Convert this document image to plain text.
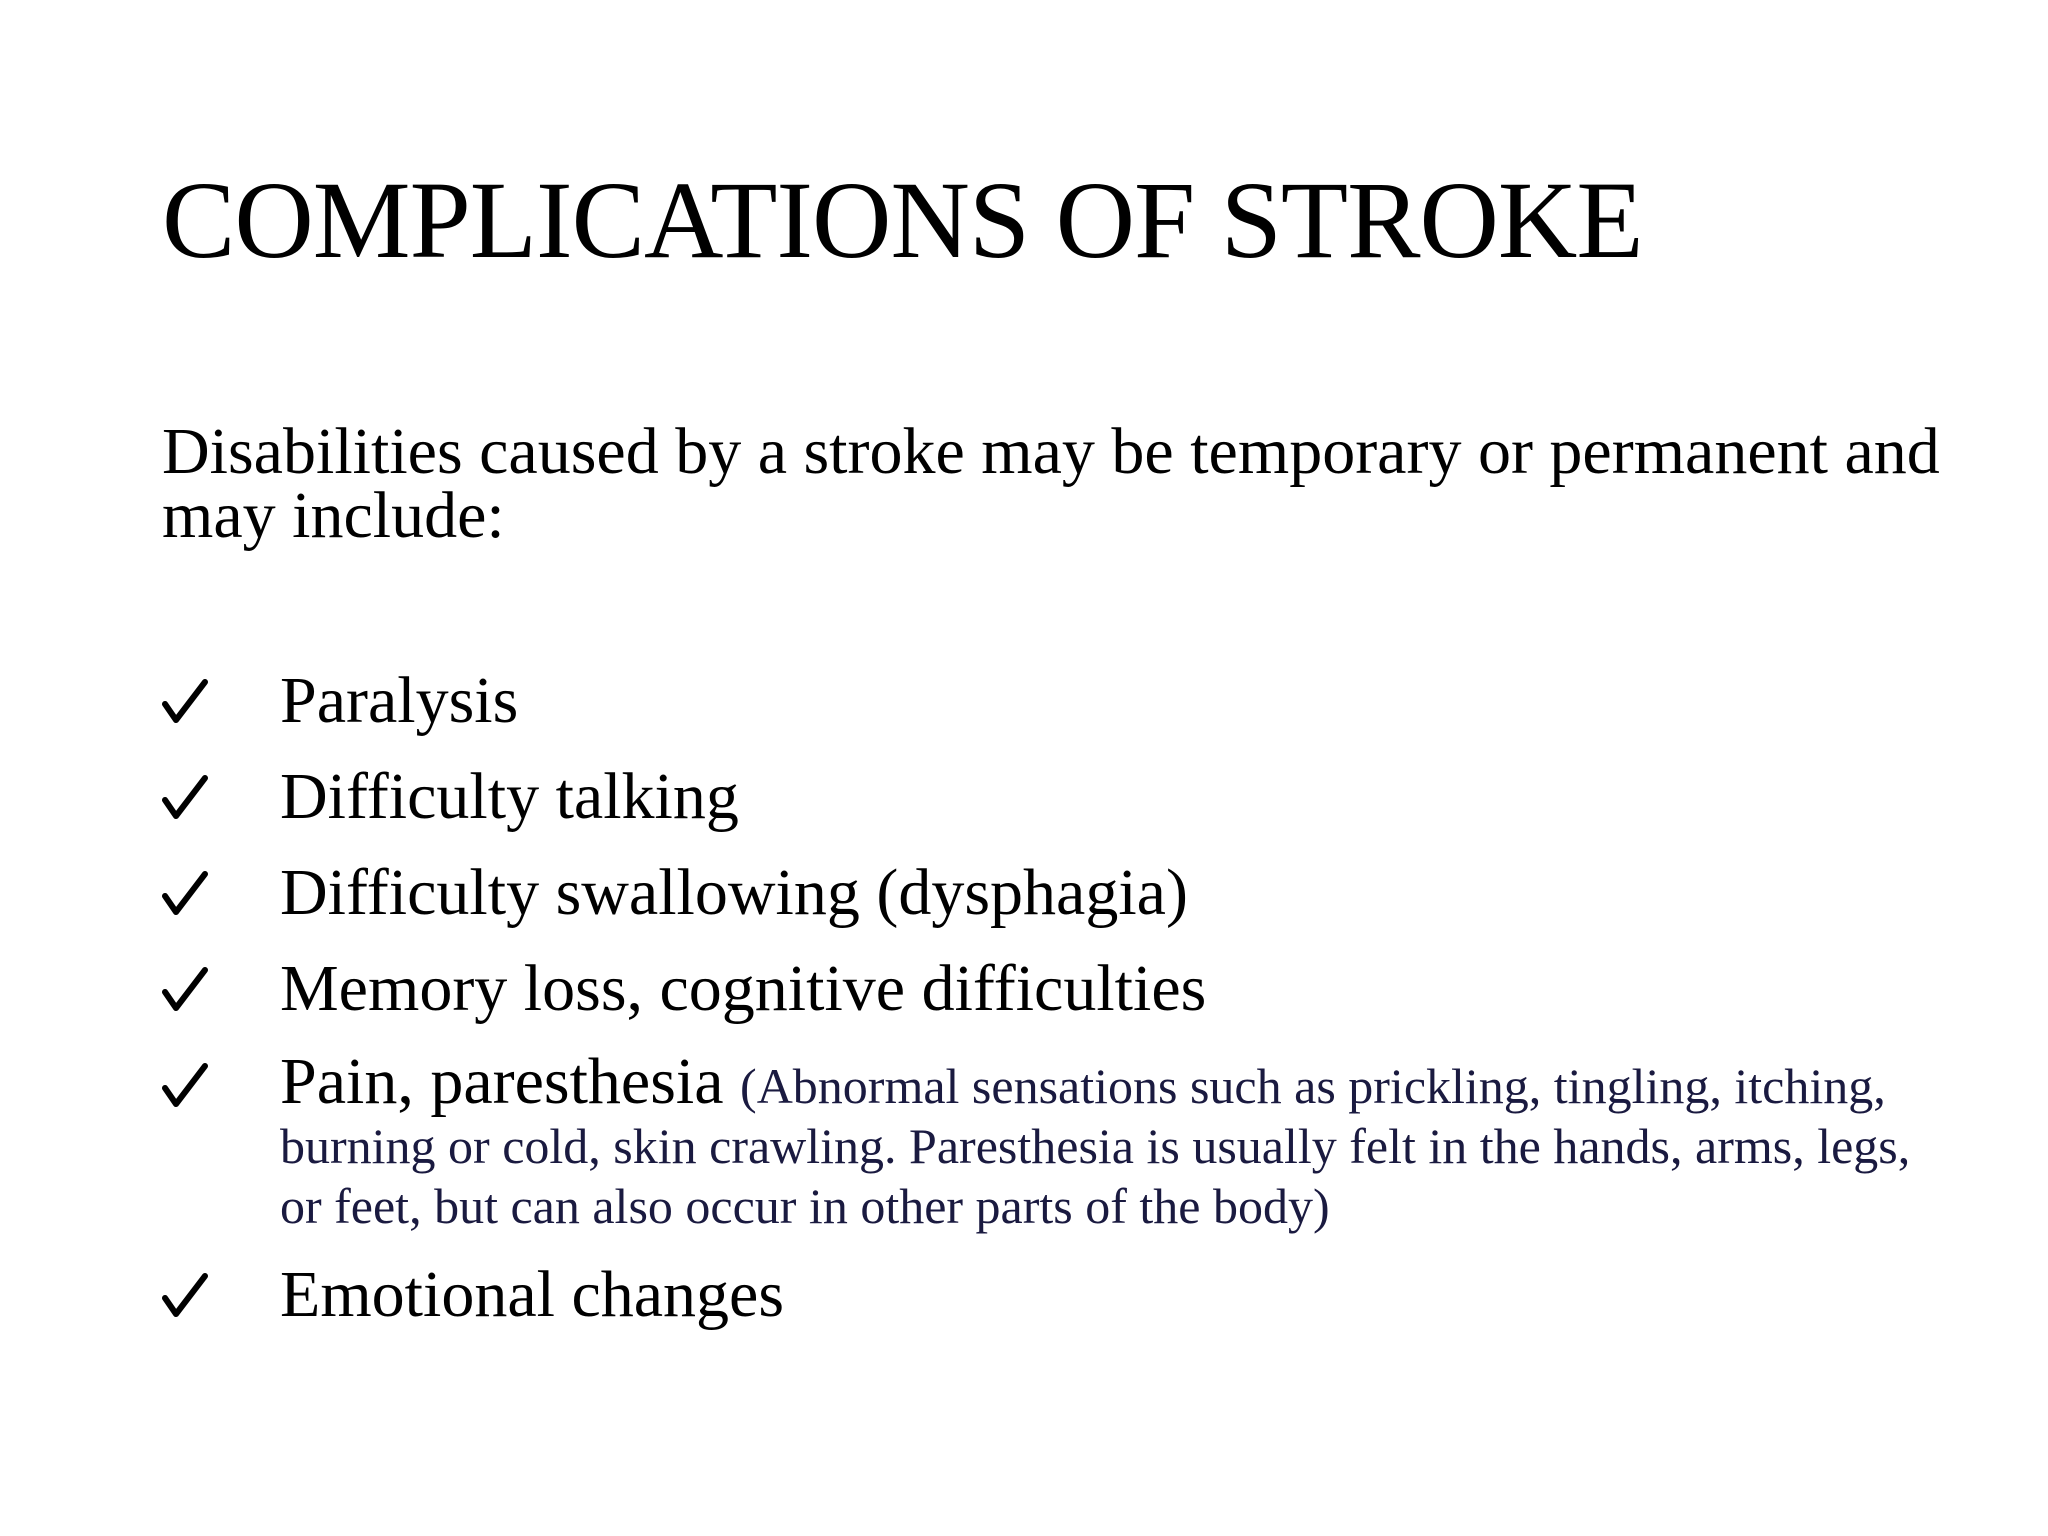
COMPLICATIONS OF STROKE
Disabilities caused by a stroke may be temporary or permanent and may include:
Paralysis
Difficulty talking
Difficulty swallowing (dysphagia)
Memory loss, cognitive difficulties
Pain, paresthesia (Abnormal sensations such as prickling, tingling, itching, burning or cold, skin crawling. Paresthesia is usually felt in the hands, arms, legs, or feet, but can also occur in other parts of the body)
Emotional changes
